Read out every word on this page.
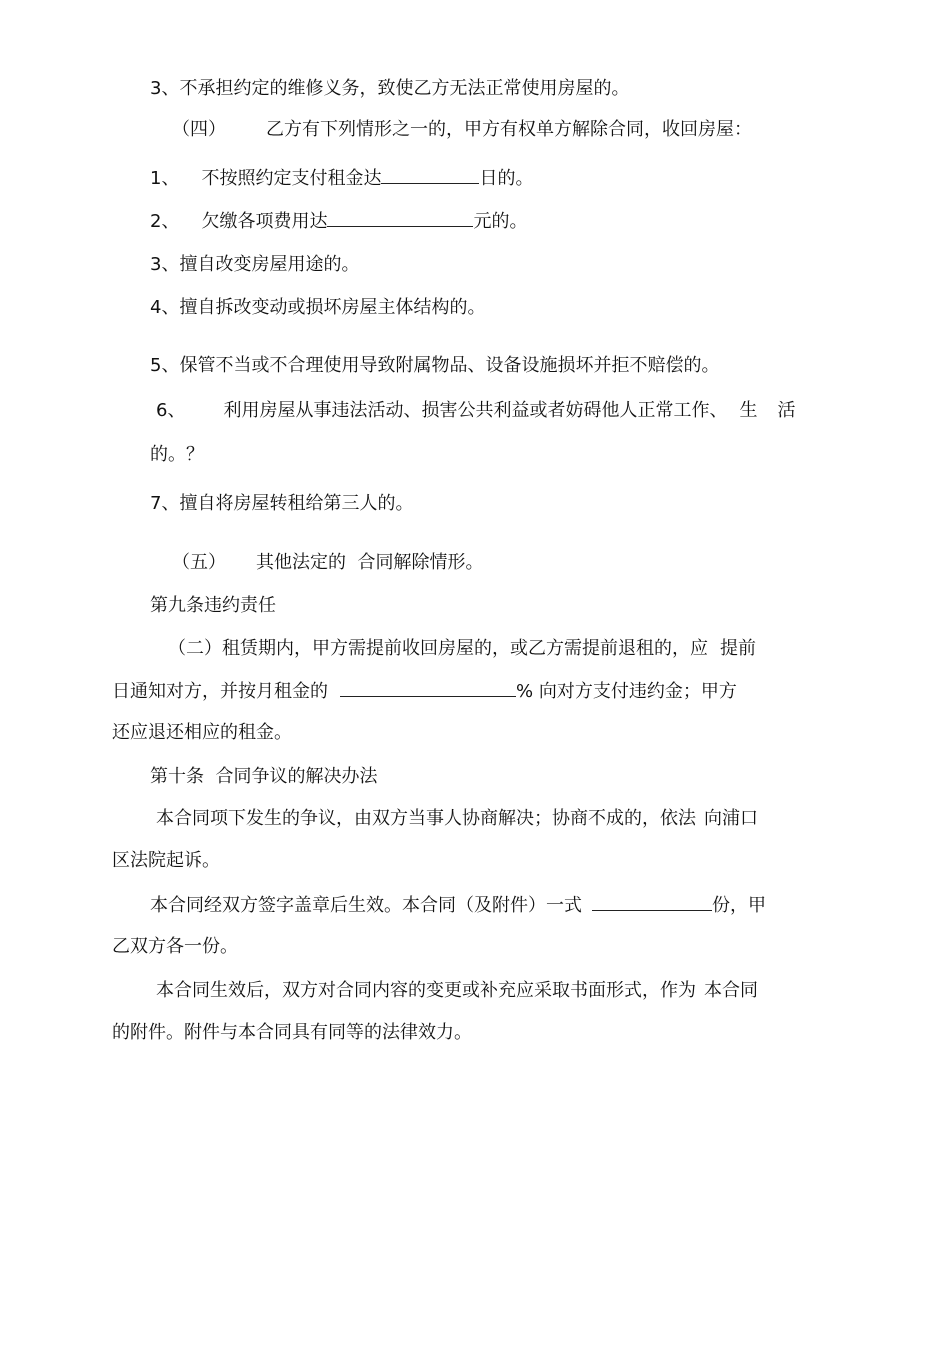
3、不承担约定的维修义务，致使乙方无法正常使用房屋的。
（四） 乙方有下列情形之一的，甲方有权单方解除合同，收回房屋：
1、 不按照约定支付租金达	日的。
2、 欠缴各项费用达	元的。
3、擅自改变房屋用途的。
4、擅自拆改变动或损坏房屋主体结构的。
5、保管不当或不合理使用导致附属物品、设备设施损坏并拒不赔偿的。
6、 利用房屋从事违法活动、损害公共利益或者妨碍他人正常工作、 生 活
的。？
7、擅自将房屋转租给第三人的。
（五） 其他法定的  合同解除情形。
第九条违约责任
（二）租赁期内，甲方需提前收回房屋的，或乙方需提前退租的，应 提前
日通知对方，并按月租金的	% 向对方支付违约金；甲方
还应退还相应的租金。
第十条  合同争议的解决办法
本合同项下发生的争议，由双方当事人协商解决；协商不成的，依法 向浦口
区法院起诉。
本合同经双方签字盖章后生效。本合同（及附件）一式	份，甲
乙双方各一份。
本合同生效后，双方对合同内容的变更或补充应采取书面形式，作为 本合同
的附件。附件与本合同具有同等的法律效力。
